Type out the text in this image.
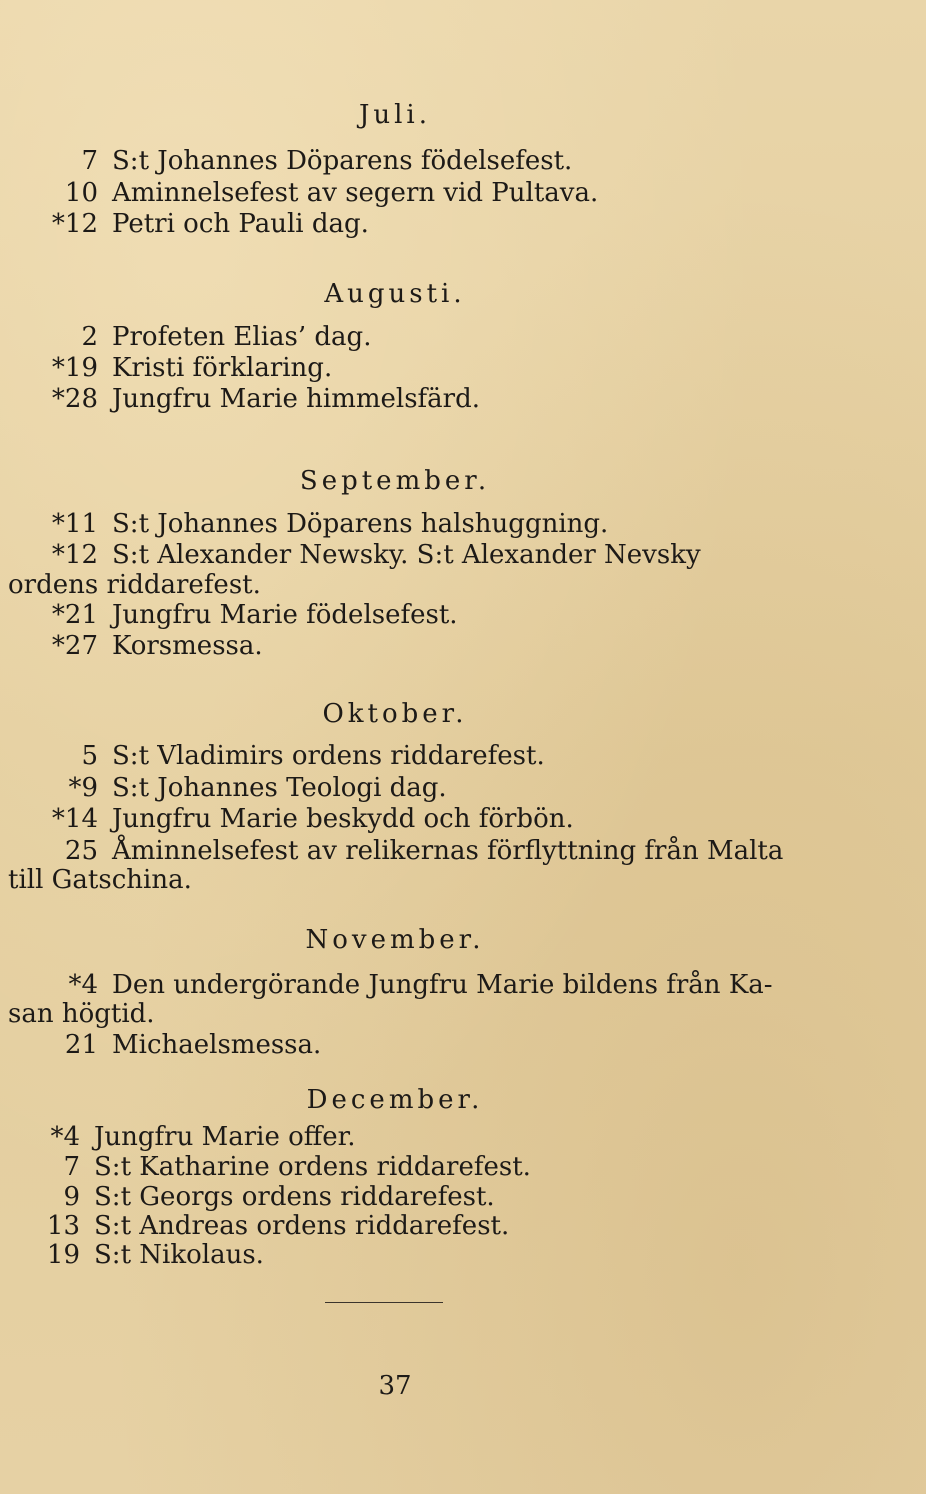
Juli.
7 S:t Johannes Döparens födelsefest.
10 Aminnelsefest av segern vid Pultava.
*12 Petri och Pauli dag.
Augusti.
2 Profeten Elias’ dag.
*19 Kristi förklaring.
*28 Jungfru Marie himmelsfärd.
September.
*11 S:t Johannes Döparens halshuggning.
*12 S:t Alexander Newsky. S:t Alexander Nevsky
ordens riddarefest.
*21 Jungfru Marie födelsefest.
*27 Korsmessa.
Oktober.
5 S:t Vladimirs ordens riddarefest.
*9 S:t Johannes Teologi dag.
*14 Jungfru Marie beskydd och förbön.
25 Åminnelsefest av relikernas förflyttning från Malta
till Gatschina.
November.
*4 Den undergörande Jungfru Marie bildens från Ka-
san högtid.
21 Michaelsmessa.
December.
*4 Jungfru Marie offer.
7 S:t Katharine ordens riddarefest.
9 S:t Georgs ordens riddarefest.
13 S:t Andreas ordens riddarefest.
19 S:t Nikolaus.
37
